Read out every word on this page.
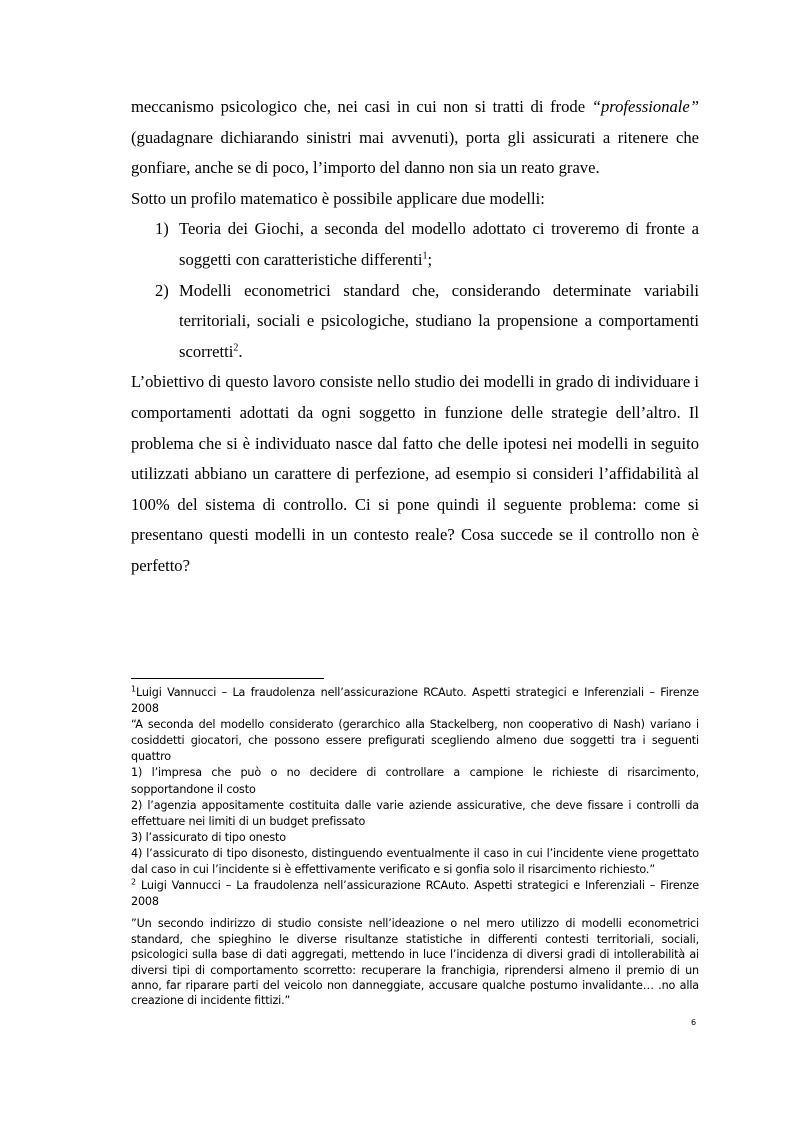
meccanismo psicologico che, nei casi in cui non si tratti di frode “professionale” (guadagnare dichiarando sinistri mai avvenuti), porta gli assicurati a ritenere che gonfiare, anche se di poco, l’importo del danno non sia un reato grave.

Sotto un profilo matematico è possibile applicare due modelli:

1) Teoria dei Giochi, a seconda del modello adottato ci troveremo di fronte a soggetti con caratteristiche differenti$^1$;
2) Modelli econometrici standard che, considerando determinate variabili territoriali, sociali e psicologiche, studiano la propensione a comportamenti scorretti$^2$.

L’obiettivo di questo lavoro consiste nello studio dei modelli in grado di individuare i comportamenti adottati da ogni soggetto in funzione delle strategie dell’altro. Il problema che si è individuato nasce dal fatto che delle ipotesi nei modelli in seguito utilizzati abbiano un carattere di perfezione, ad esempio si consideri l’affidabilità al 100% del sistema di controllo. Ci si pone quindi il seguente problema: come si presentano questi modelli in un contesto reale? Cosa succede se il controllo non è perfetto?

$^1$Luigi Vannucci – La fraudolenza nell’assicurazione RCAuto. Aspetti strategici e Inferenziali – Firenze 2008

“A seconda del modello considerato (gerarchico alla Stackelberg, non cooperativo di Nash) variano i cosiddetti giocatori, che possono essere prefigurati scegliendo almeno due soggetti tra i seguenti quattro

1) l’impresa che può o no decidere di controllare a campione le richieste di risarcimento, sopportandone il costo

2) l’agenzia appositamente costituita dalle varie aziende assicurative, che deve fissare i controlli da effettuare nei limiti di un budget prefissato

3) l’assicurato di tipo onesto

4) l’assicurato di tipo disonesto, distinguendo eventualmente il caso in cui l’incidente viene progettato dal caso in cui l’incidente si è effettivamente verificato e si gonfia solo il risarcimento richiesto.”

$^2$ Luigi Vannucci – La fraudolenza nell’assicurazione RCAuto. Aspetti strategici e Inferenziali – Firenze 2008

”Un secondo indirizzo di studio consiste nell’ideazione o nel mero utilizzo di modelli econometrici standard, che spieghino le diverse risultanze statistiche in differenti contesti territoriali, sociali, psicologici sulla base di dati aggregati, mettendo in luce l’incidenza di diversi gradi di intollerabilità ai diversi tipi di comportamento scorretto: recuperare la franchigia, riprendersi almeno il premio di un anno, far riparare parti del veicolo non danneggiate, accusare qualche postumo invalidante… .no alla creazione di incidente fittizi.”

6
